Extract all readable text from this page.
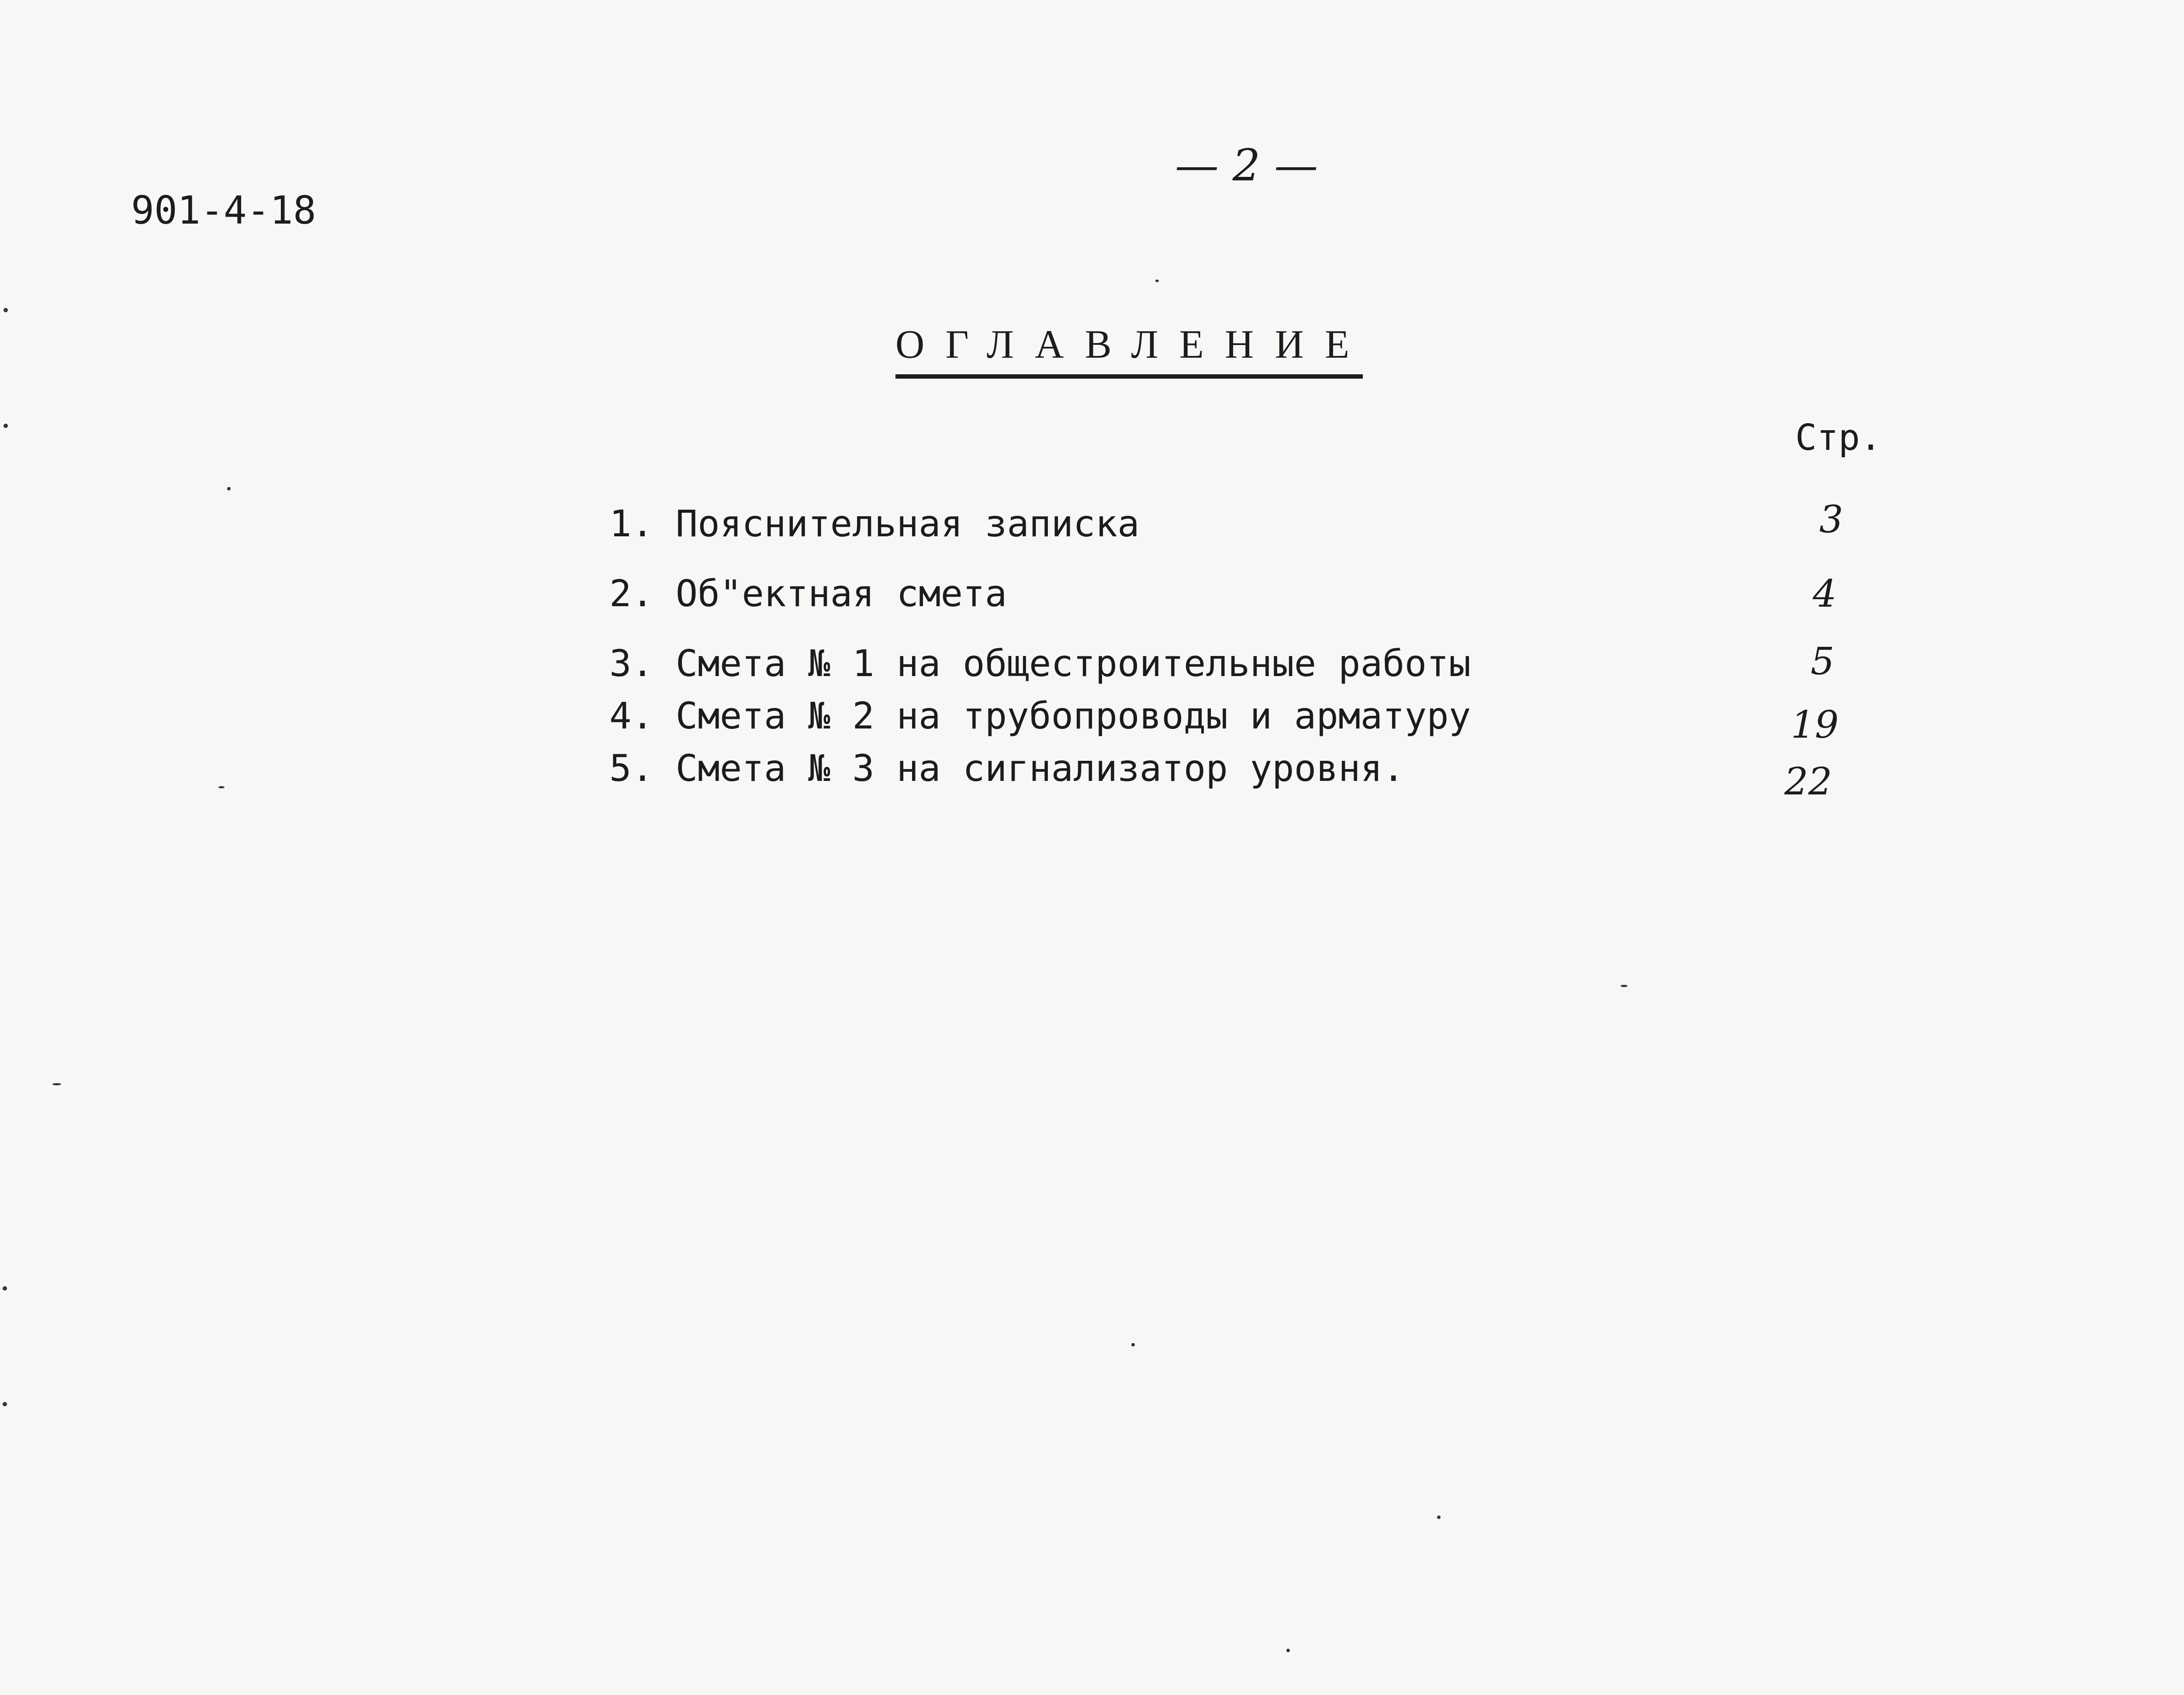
901-4-18
— 2 —
ОГЛАВЛЕНИЕ
Стр.
1. Пояснительная записка	3
2. Об"ектная смета	4
3. Смета № 1 на общестроительные работы	5
4. Смета № 2 на трубопроводы и арматуру	19
5. Смета № 3 на сигнализатор уровня.	22
